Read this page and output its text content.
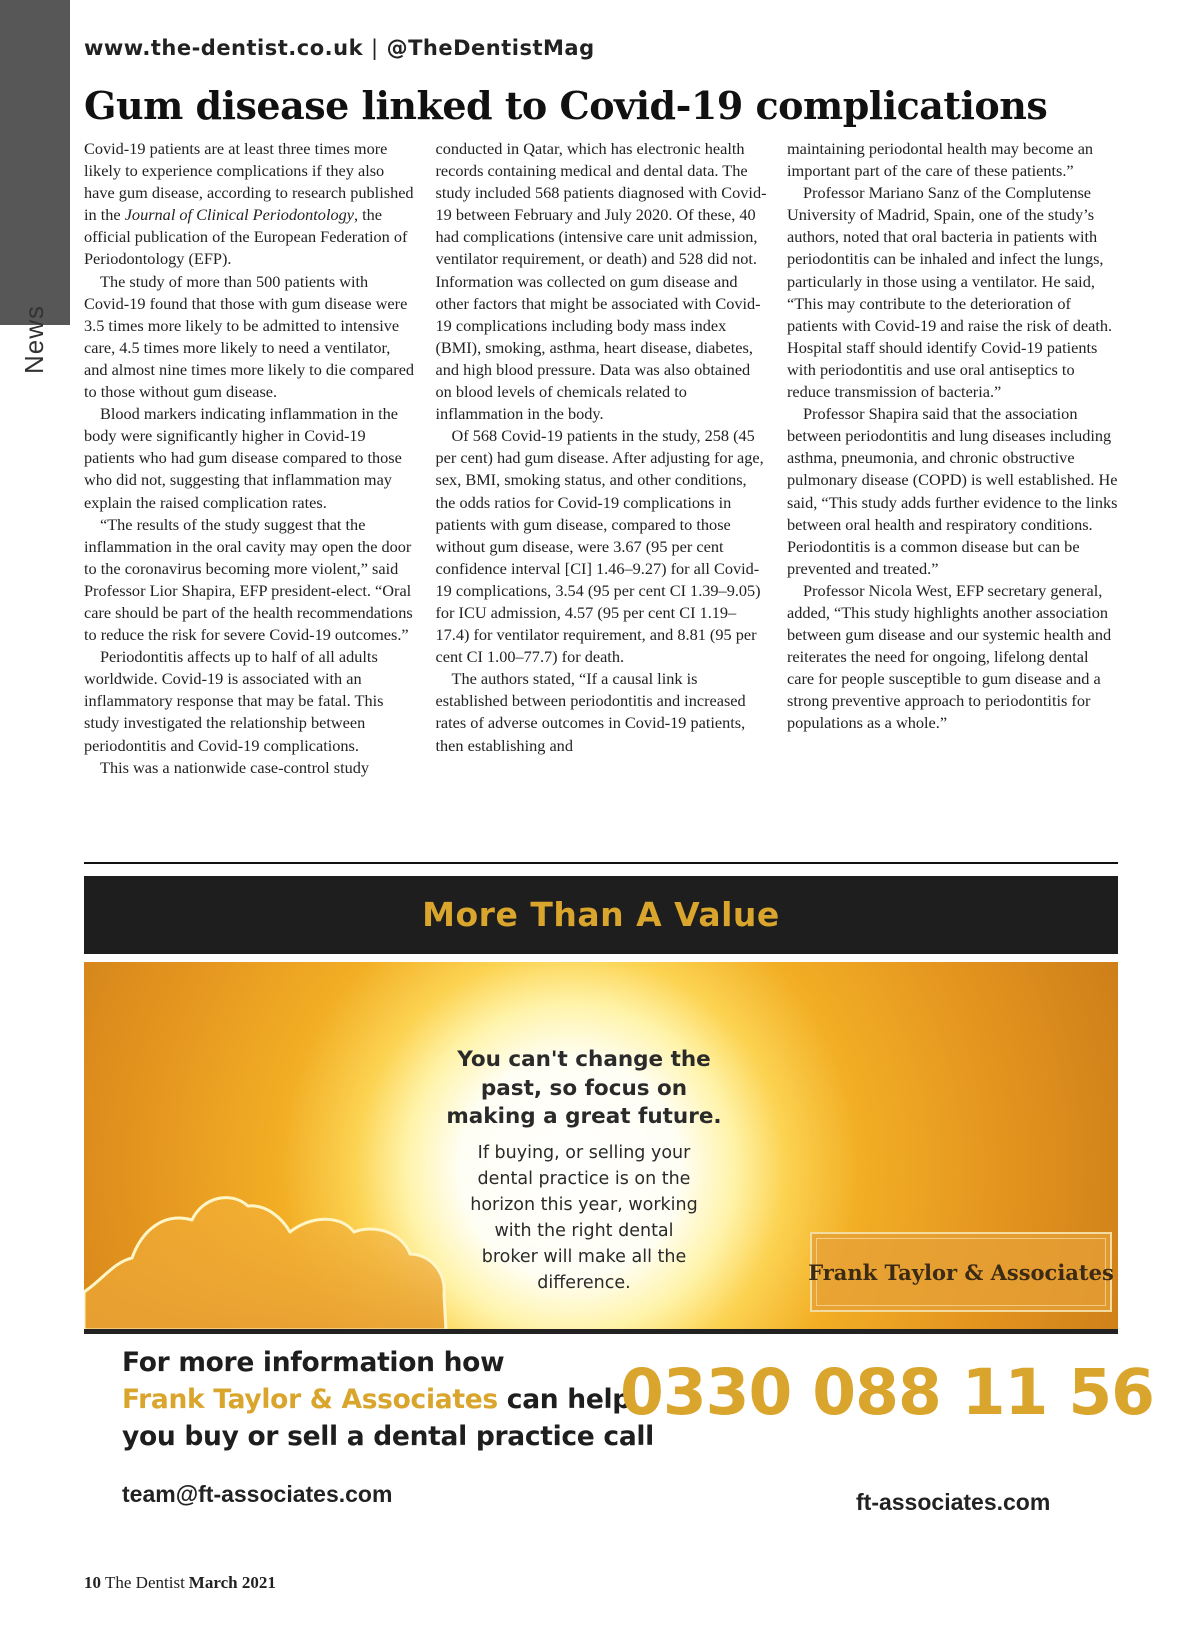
News
www.the-dentist.co.uk | @TheDentistMag
Gum disease linked to Covid-19 complications

Covid-19 patients are at least three times more likely to experience complications if they also have gum disease, according to research published in the Journal of Clinical Periodontology, the official publication of the European Federation of Periodontology (EFP).

The study of more than 500 patients with Covid-19 found that those with gum disease were 3.5 times more likely to be admitted to intensive care, 4.5 times more likely to need a ventilator, and almost nine times more likely to die compared to those without gum disease.

Blood markers indicating inflammation in the body were significantly higher in Covid-19 patients who had gum disease compared to those who did not, suggesting that inflammation may explain the raised complication rates.

“The results of the study suggest that the inflammation in the oral cavity may open the door to the coronavirus becoming more violent,” said Professor Lior Shapira, EFP president-elect. “Oral care should be part of the health recommendations to reduce the risk for severe Covid-19 outcomes.”

Periodontitis affects up to half of all adults worldwide. Covid-19 is associated with an inflammatory response that may be fatal. This study investigated the relationship between periodontitis and Covid-19 complications.

This was a nationwide case-control study

conducted in Qatar, which has electronic health records containing medical and dental data. The study included 568 patients diagnosed with Covid-19 between February and July 2020. Of these, 40 had complications (intensive care unit admission, ventilator requirement, or death) and 528 did not. Information was collected on gum disease and other factors that might be associated with Covid-19 complications including body mass index (BMI), smoking, asthma, heart disease, diabetes, and high blood pressure. Data was also obtained on blood levels of chemicals related to inflammation in the body.

Of 568 Covid-19 patients in the study, 258 (45 per cent) had gum disease. After adjusting for age, sex, BMI, smoking status, and other conditions, the odds ratios for Covid-19 complications in patients with gum disease, compared to those without gum disease, were 3.67 (95 per cent confidence interval [CI] 1.46–9.27) for all Covid-19 complications, 3.54 (95 per cent CI 1.39–9.05) for ICU admission, 4.57 (95 per cent CI 1.19–17.4) for ventilator requirement, and 8.81 (95 per cent CI 1.00–77.7) for death.

The authors stated, “If a causal link is established between periodontitis and increased rates of adverse outcomes in Covid-19 patients, then establishing and

maintaining periodontal health may become an important part of the care of these patients.”

Professor Mariano Sanz of the Complutense University of Madrid, Spain, one of the study’s authors, noted that oral bacteria in patients with periodontitis can be inhaled and infect the lungs, particularly in those using a ventilator. He said, “This may contribute to the deterioration of patients with Covid-19 and raise the risk of death. Hospital staff should identify Covid-19 patients with periodontitis and use oral antiseptics to reduce transmission of bacteria.”

Professor Shapira said that the association between periodontitis and lung diseases including asthma, pneumonia, and chronic obstructive pulmonary disease (COPD) is well established. He said, “This study adds further evidence to the links between oral health and respiratory conditions. Periodontitis is a common disease but can be prevented and treated.”

Professor Nicola West, EFP secretary general, added, “This study highlights another association between gum disease and our systemic health and reiterates the need for ongoing, lifelong dental care for people susceptible to gum disease and a strong preventive approach to periodontitis for populations as a whole.”

More Than A Value
You can't change the
past, so focus on
making a great future.
If buying, or selling your
dental practice is on the
horizon this year, working
with the right dental
broker will make all the
difference.	Frank Taylor & Associates
For more information how
Frank Taylor & Associates can help
you buy or sell a dental practice call
0330 088 11 56
team@ft-associates.com	ft-associates.com
10 The Dentist March 2021
